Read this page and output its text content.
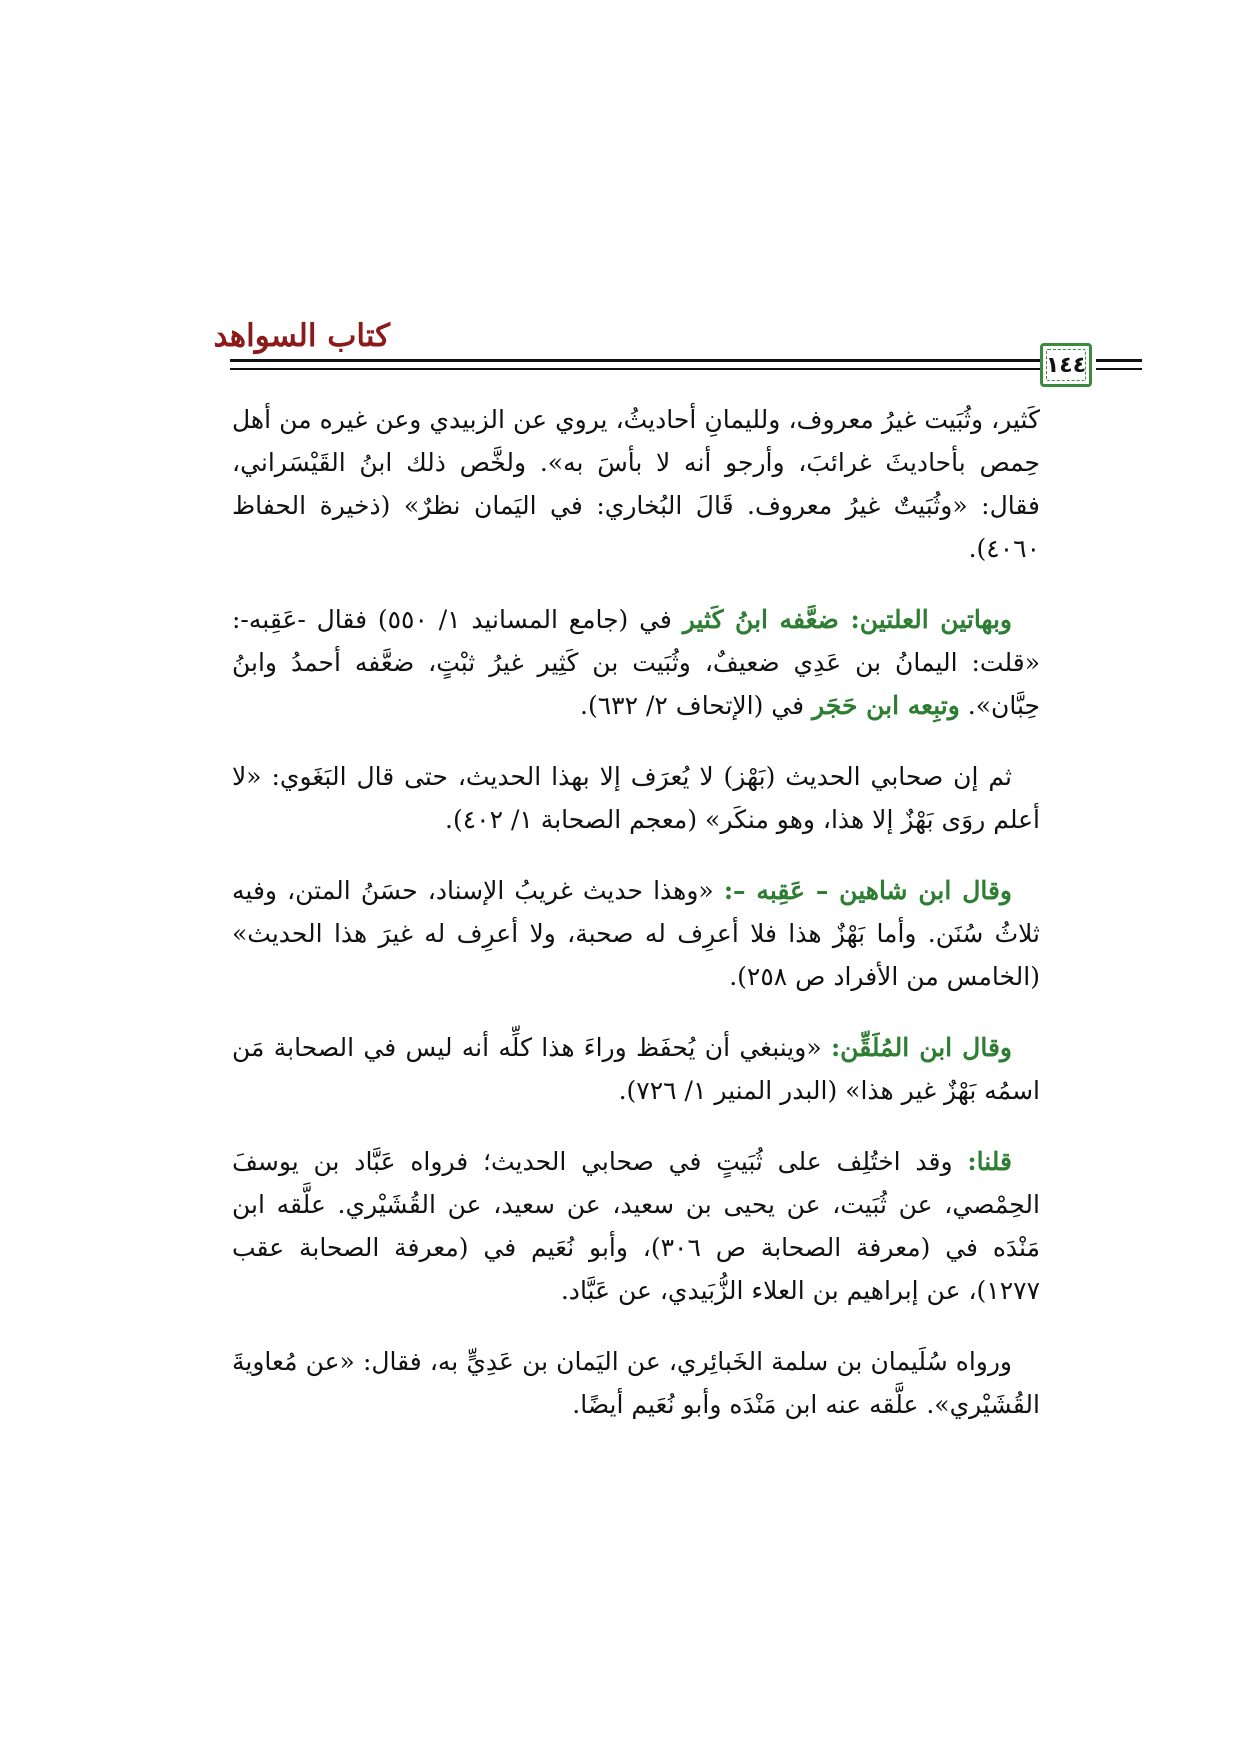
كتاب السواهد
١٤٤

كَثير، وثُبَيت غيرُ معروف، ولليمانِ أحاديثُ، يروي عن الزبيدي وعن غيره من أهل حِمص بأحاديثَ غرائبَ، وأرجو أنه لا بأسَ به». ولخَّص ذلك ابنُ القَيْسَراني، فقال: «وثُبَيتٌ غيرُ معروف. قَالَ البُخاري: في اليَمان نظرٌ» (ذخيرة الحفاظ ٤٠٦٠).

وبهاتين العلتين: ضعَّفه ابنُ كَثير في (جامع المسانيد ١/ ٥٥٠) فقال -عَقِبه-: «قلت: اليمانُ بن عَدِي ضعيفٌ، وثُبَيت بن كَثِير غيرُ ثبْتٍ، ضعَّفه أحمدُ وابنُ حِبَّان». وتبِعه ابن حَجَر في (الإتحاف ٢/ ٦٣٢).

ثم إن صحابي الحديث (بَهْز) لا يُعرَف إلا بهذا الحديث، حتى قال البَغَوي: «لا أعلم روَى بَهْزٌ إلا هذا، وهو منكَر» (معجم الصحابة ١/ ٤٠٢).

وقال ابن شاهين – عَقِبه –: «وهذا حديث غريبُ الإسناد، حسَنُ المتن، وفيه ثلاثُ سُنَن. وأما بَهْزٌ هذا فلا أعرِف له صحبة، ولا أعرِف له غيرَ هذا الحديث» (الخامس من الأفراد ص ٢٥٨).

وقال ابن المُلَقِّن: «وينبغي أن يُحفَظ وراءَ هذا كلِّه أنه ليس في الصحابة مَن اسمُه بَهْزٌ غير هذا» (البدر المنير ١/ ٧٢٦).

قلنا: وقد اختُلِف على ثُبَيتٍ في صحابي الحديث؛ فرواه عَبَّاد بن يوسفَ الحِمْصي، عن ثُبَيت، عن يحيى بن سعيد، عن سعيد، عن القُشَيْري. علَّقه ابن مَنْدَه في (معرفة الصحابة ص ٣٠٦)، وأبو نُعَيم في (معرفة الصحابة عقب ١٢٧٧)، عن إبراهيم بن العلاء الزُّبَيدي، عن عَبَّاد.

ورواه سُلَيمان بن سلمة الخَبائِري، عن اليَمان بن عَدِيٍّ به، فقال: «عن مُعاويةَ القُشَيْري». علَّقه عنه ابن مَنْدَه وأبو نُعَيم أيضًا.
